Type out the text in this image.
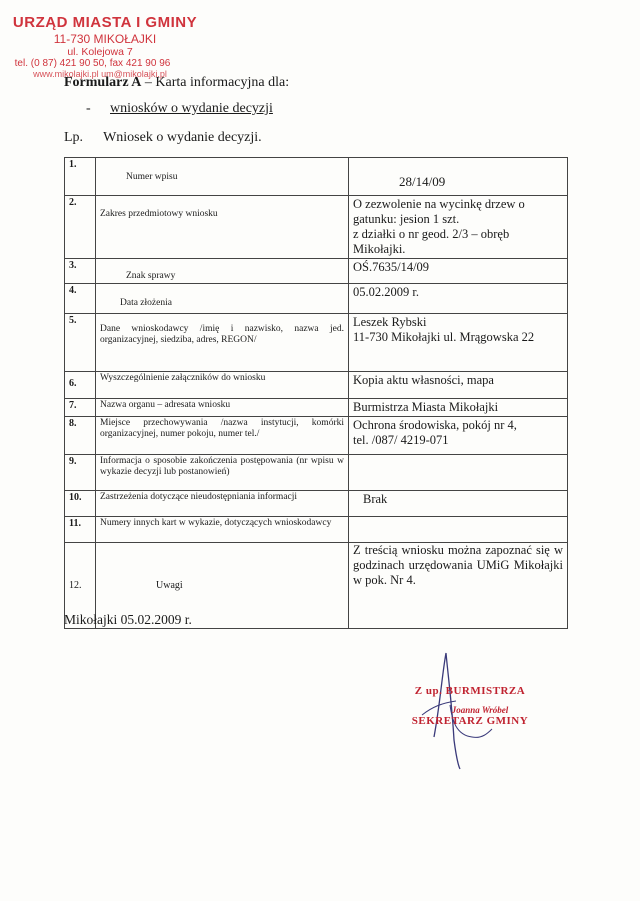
URZĄD MIASTA I GMINY
11-730 MIKOŁAJKI
ul. Kolejowa 7
tel. (0 87) 421 90 50, fax 421 90 96
www.mikolajki.pl um@mikolajki.pl
Formularz A – Karta informacyjna dla:
- wniosków o wydanie decyzji
Lp. Wniosek o wydanie decyzji.
1.	Numer wpisu	28/14/09
2.	Zakres przedmiotowy wniosku	O zezwolenie na wycinkę drzew o gatunku: jesion 1 szt.
z działki o nr geod. 2/3 – obręb Mikołajki.

3.	Znak sprawy	OŚ.7635/14/09
4.	Data złożenia	05.02.2009 r.
5.	Dane wnioskodawcy /imię i nazwisko, nazwa jed. organizacyjnej, siedziba, adres, REGON/	Leszek Rybski
11-730 Mikołajki ul. Mrągowska 22

6.	Wyszczególnienie załączników do wniosku	Kopia aktu własności, mapa
7.	Nazwa organu – adresata wniosku	Burmistrza Miasta Mikołajki
8.	Miejsce przechowywania /nazwa instytucji, komórki organizacyjnej, numer pokoju, numer tel./	Ochrona środowiska, pokój nr 4,
tel. /087/ 4219-071

9.	Informacja o sposobie zakończenia postępowania (nr wpisu w wykazie decyzji lub postanowień)	
10.	Zastrzeżenia dotyczące nieudostępniania informacji	Brak
11.	Numery innych kart w wykazie, dotyczących wnioskodawcy	
12.	Uwagi	Z treścią wniosku można zapoznać się w godzinach urzędowania UMiG Mikołajki w pok. Nr 4.
Mikołajki 05.02.2009 r.
Z up. BURMISTRZA
Joanna Wróbel
SEKRETARZ GMINY
